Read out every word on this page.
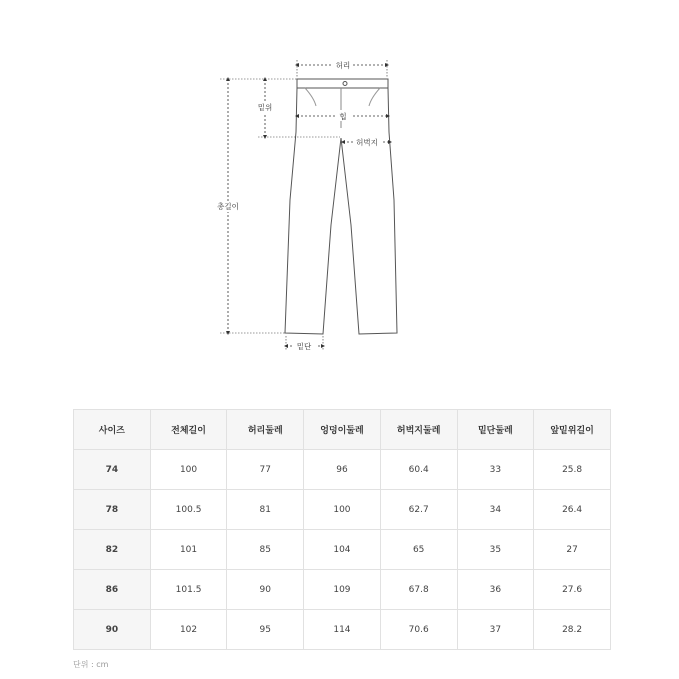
허리
총길이
밑위
힙
허벅지
밑단
사이즈	전체길이	허리둘레	엉덩이둘레	허벅지둘레	밑단둘레	앞밑위길이
74	100	77	96	60.4	33	25.8
78	100.5	81	100	62.7	34	26.4
82	101	85	104	65	35	27
86	101.5	90	109	67.8	36	27.6
90	102	95	114	70.6	37	28.2
단위 : cm
